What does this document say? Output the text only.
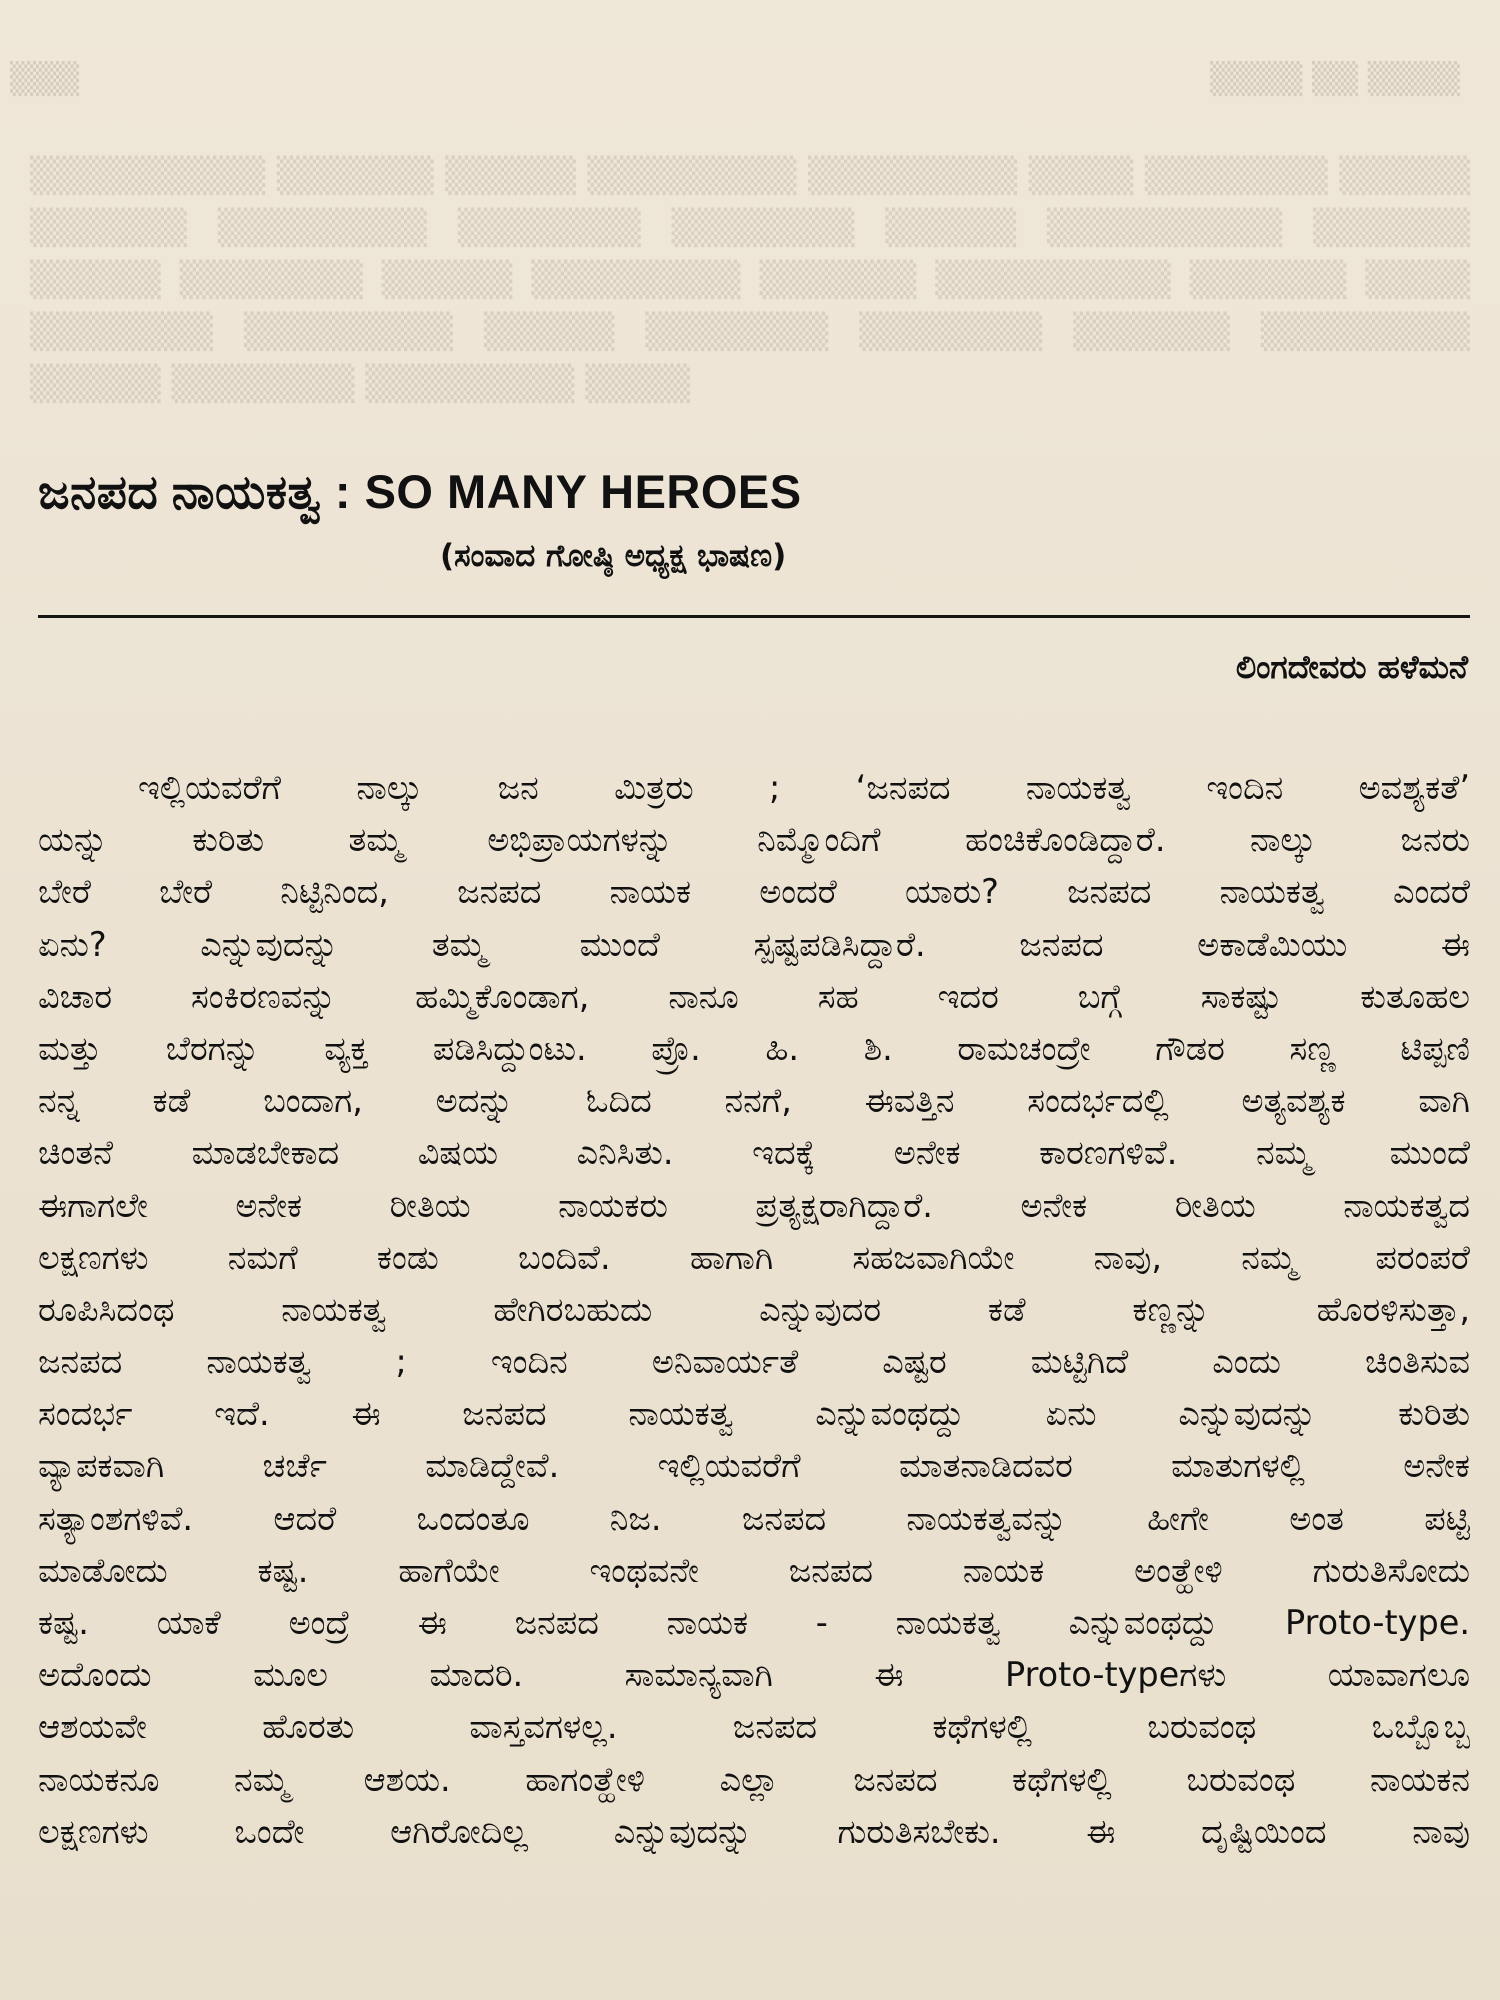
▒▒▒	▒▒▒▒ ▒▒ ▒▒▒▒
▒▒▒▒▒▒▒▒▒ ▒▒▒▒▒▒ ▒▒▒▒▒ ▒▒▒▒▒▒▒▒ ▒▒▒▒▒▒▒▒ ▒▒▒▒ ▒▒▒▒▒▒▒ ▒▒▒▒▒ ▒▒▒▒▒▒ ▒▒▒▒▒▒▒▒ ▒▒▒▒▒▒▒ ▒▒▒▒▒▒▒ ▒▒▒▒▒ ▒▒▒▒▒▒▒▒▒ ▒▒▒▒▒▒ ▒▒▒▒▒ ▒▒▒▒▒▒▒ ▒▒▒▒▒ ▒▒▒▒▒▒▒▒ ▒▒▒▒▒▒ ▒▒▒▒▒▒▒▒▒ ▒▒▒▒▒▒ ▒▒▒▒ ▒▒▒▒▒▒▒ ▒▒▒▒▒▒▒▒ ▒▒▒▒▒ ▒▒▒▒▒▒▒ ▒▒▒▒▒▒▒ ▒▒▒▒▒▒ ▒▒▒▒▒▒▒▒ ▒▒▒▒▒ ▒▒▒▒▒▒▒ ▒▒▒▒▒▒▒▒ ▒▒▒▒
ಜನಪದ ನಾಯಕತ್ವ : SO MANY HEROES
(ಸಂವಾದ ಗೋಷ್ಠಿ ಅಧ್ಯಕ್ಷ ಭಾಷಣ)
ಲಿಂಗದೇವರು ಹಳೆಮನೆ
ಇಲ್ಲಿಯವರೆಗೆ ನಾಲ್ಕು ಜನ ಮಿತ್ರರು ; ‘ಜನಪದ ನಾಯಕತ್ವ ಇಂದಿನ ಅವಶ್ಯಕತೆ’
ಯನ್ನು ಕುರಿತು ತಮ್ಮ ಅಭಿಪ್ರಾಯಗಳನ್ನು ನಿಮ್ಮೊಂದಿಗೆ ಹಂಚಿಕೊಂಡಿದ್ದಾರೆ. ನಾಲ್ಕು ಜನರು
ಬೇರೆ ಬೇರೆ ನಿಟ್ಟಿನಿಂದ, ಜನಪದ ನಾಯಕ ಅಂದರೆ ಯಾರು? ಜನಪದ ನಾಯಕತ್ವ ಎಂದರೆ
ಏನು? ಎನ್ನುವುದನ್ನು ತಮ್ಮ ಮುಂದೆ ಸ್ಪಷ್ಟಪಡಿಸಿದ್ದಾರೆ. ಜನಪದ ಅಕಾಡೆಮಿಯು ಈ
ವಿಚಾರ ಸಂಕಿರಣವನ್ನು ಹಮ್ಮಿಕೊಂಡಾಗ, ನಾನೂ ಸಹ ಇದರ ಬಗ್ಗೆ ಸಾಕಷ್ಟು ಕುತೂಹಲ
ಮತ್ತು ಬೆರಗನ್ನು ವ್ಯಕ್ತ ಪಡಿಸಿದ್ದುಂಟು. ಪ್ರೊ. ಹಿ. ಶಿ. ರಾಮಚಂದ್ರೇ ಗೌಡರ ಸಣ್ಣ ಟಿಪ್ಪಣಿ
ನನ್ನ ಕಡೆ ಬಂದಾಗ, ಅದನ್ನು ಓದಿದ ನನಗೆ, ಈವತ್ತಿನ ಸಂದರ್ಭದಲ್ಲಿ ಅತ್ಯವಶ್ಯಕ ವಾಗಿ
ಚಿಂತನೆ ಮಾಡಬೇಕಾದ ವಿಷಯ ಎನಿಸಿತು. ಇದಕ್ಕೆ ಅನೇಕ ಕಾರಣಗಳಿವೆ. ನಮ್ಮ ಮುಂದೆ
ಈಗಾಗಲೇ ಅನೇಕ ರೀತಿಯ ನಾಯಕರು ಪ್ರತ್ಯಕ್ಷರಾಗಿದ್ದಾರೆ. ಅನೇಕ ರೀತಿಯ ನಾಯಕತ್ವದ
ಲಕ್ಷಣಗಳು ನಮಗೆ ಕಂಡು ಬಂದಿವೆ. ಹಾಗಾಗಿ ಸಹಜವಾಗಿಯೇ ನಾವು, ನಮ್ಮ ಪರಂಪರೆ
ರೂಪಿಸಿದಂಥ ನಾಯಕತ್ವ ಹೇಗಿರಬಹುದು ಎನ್ನುವುದರ ಕಡೆ ಕಣ್ಣನ್ನು ಹೊರಳಿಸುತ್ತಾ,
ಜನಪದ ನಾಯಕತ್ವ ; ಇಂದಿನ ಅನಿವಾರ್ಯತೆ ಎಷ್ಟರ ಮಟ್ಟಿಗಿದೆ ಎಂದು ಚಿಂತಿಸುವ
ಸಂದರ್ಭ ಇದೆ. ಈ ಜನಪದ ನಾಯಕತ್ವ ಎನ್ನುವಂಥದ್ದು ಏನು ಎನ್ನುವುದನ್ನು ಕುರಿತು
ವ್ಯಾಪಕವಾಗಿ ಚರ್ಚೆ ಮಾಡಿದ್ದೇವೆ. ಇಲ್ಲಿಯವರೆಗೆ ಮಾತನಾಡಿದವರ ಮಾತುಗಳಲ್ಲಿ ಅನೇಕ
ಸತ್ಯಾಂಶಗಳಿವೆ. ಆದರೆ ಒಂದಂತೂ ನಿಜ. ಜನಪದ ನಾಯಕತ್ವವನ್ನು ಹೀಗೇ ಅಂತ ಪಟ್ಟಿ
ಮಾಡೋದು ಕಷ್ಟ. ಹಾಗೆಯೇ ಇಂಥವನೇ ಜನಪದ ನಾಯಕ ಅಂತ್ಹೇಳಿ ಗುರುತಿಸೋದು
ಕಷ್ಟ. ಯಾಕೆ ಅಂದ್ರೆ ಈ ಜನಪದ ನಾಯಕ - ನಾಯಕತ್ವ ಎನ್ನುವಂಥದ್ದು Proto-type.
ಅದೊಂದು ಮೂಲ ಮಾದರಿ. ಸಾಮಾನ್ಯವಾಗಿ ಈ Proto-typeಗಳು ಯಾವಾಗಲೂ
ಆಶಯವೇ ಹೊರತು ವಾಸ್ತವಗಳಲ್ಲ. ಜನಪದ ಕಥೆಗಳಲ್ಲಿ ಬರುವಂಥ ಒಬ್ಬೊಬ್ಬ
ನಾಯಕನೂ ನಮ್ಮ ಆಶಯ. ಹಾಗಂತ್ಹೇಳಿ ಎಲ್ಲಾ ಜನಪದ ಕಥೆಗಳಲ್ಲಿ ಬರುವಂಥ ನಾಯಕನ
ಲಕ್ಷಣಗಳು ಒಂದೇ ಆಗಿರೋದಿಲ್ಲ ಎನ್ನುವುದನ್ನು ಗುರುತಿಸಬೇಕು. ಈ ದೃಷ್ಟಿಯಿಂದ ನಾವು
